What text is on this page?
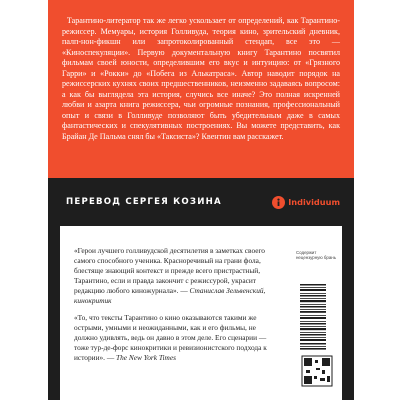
Тарантино-литератор так же легко ускользает от определений, как Тарантино-режиссер. Мемуары, история Голливуда, теория кино, зрительский дневник, палп-нон-фикшн или запротоколированный стендап, все это — «Киноспекуляции». Первую документальную книгу Тарантино посвятил фильмам своей юности, определившим его вкус и интуицию: от «Грязного Гарри» и «Рокки» до «Побега из Алькатраса». Автор наводит порядок на режиссерских кухнях своих предшественников, неизменно задаваясь вопросом: а как бы выглядела эта история, случись все иначе? Это полная искренней любви и азарта книга режиссера, чьи огромные познания, профессиональный опыт и связи в Голливуде позволяют быть убедительным даже в самых фантастических и спекулятивных построениях. Вы можете представить, как Брайан Де Пальма снял бы «Таксиста»? Квентин вам расскажет.

ПЕРЕВОД СЕРГЕЯ КОЗИНА	Individuum

«Герои лучшего голливудской десятилетия в заметках своего самого способного ученика. Красноречивый на грани фола, блестяще знающий контекст и прежде всего пристрастный, Тарантино, если и правда закончит с режиссурой, украсит редакцию любого киножурнала». — Станислав Зельвенский, кинокритик

«То, что тексты Тарантино о кино оказываются такими же острыми, умными и неожиданными, как и его фильмы, не должно удивлять, ведь он давно в этом деле. Его сценарии — тоже тур-де-форс кинокритики и ревизионистского подхода к истории». — The New York Times

Содержит нецензурную брань
